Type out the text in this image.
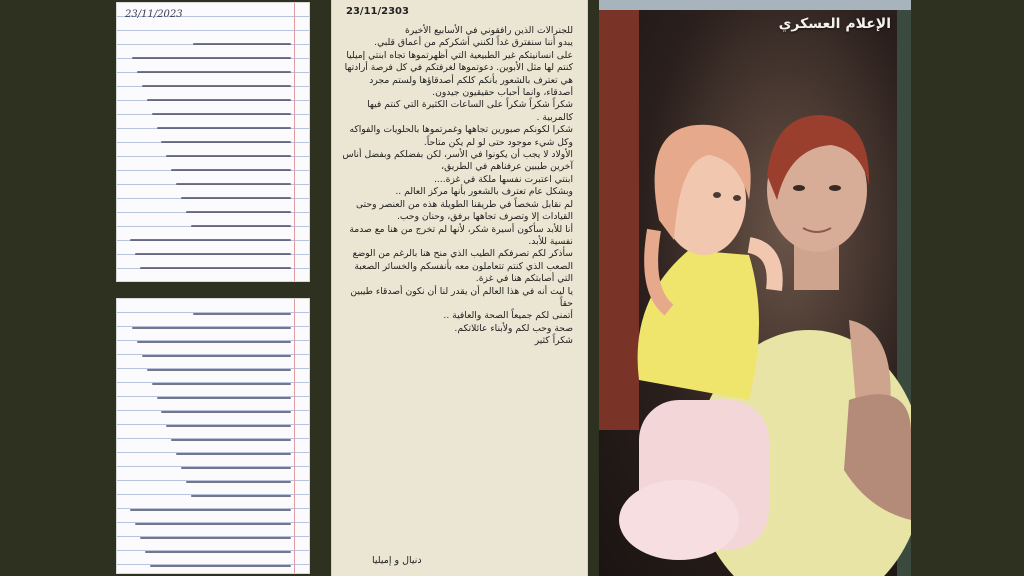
23/11/2023	23/11/2303

للجنرالات الذين رافقوني في الأسابيع الأخيرة

يبدو أننا سنفترق غداً لكنني أشكركم من أعماق قلبي.

على انسانيتكم غير الطبيعية التي أظهرتموها تجاه ابنتي إميليا

كنتم لها مثل الأبوين. دعوتموها لغرفتكم في كل فرصة أرادتها

هي تعترف بالشعور بأنكم كلكم أصدقاؤها ولستم مجرد أصدقاء، وانما أحباب حقيقيون جيدون.

شكراً شكراً شكراً على الساعات الكثيرة التي كنتم فيها كالمربية .

شكرا لكونكم صبورين تجاهها وغمرتموها بالحلويات والفواكه وكل شيء موجود حتى لو لم يكن متاحاً.

الأولاد لا يجب أن يكونوا في الأسر، لكن بفضلكم وبفضل أناس آخرين طيبين عرفناهم في الطريق،

ابنتي اعتبرت نفسها ملكة في غزة....

وبشكل عام تعترف بالشعور بأنها مركز العالم ..

لم نقابل شخصاً في طريقنا الطويلة هذه من العنصر وحتى القيادات إلا وتصرف تجاهها برفق، وحنان وحب.

أنا للأبد سأكون أسيرة شكر، لأنها لم تخرج من هنا مع صدمة نفسية للأبد.

سأذكر لكم تصرفكم الطيب الذي منح هنا بالرغم من الوضع الصعب الذي كنتم تتعاملون معه بأنفسكم والخسائر الصعبة التي أصابتكم هنا في غزة.

يا ليت أنه في هذا العالم أن يقدر لنا أن نكون أصدقاء طيبين حقاً

أتمنى لكم جميعاً الصحة والعافية ..

صحة وحب لكم ولأبناء عائلاتكم.

شكراً كثير

دنيال و إميليا
الإعلام العسكري
